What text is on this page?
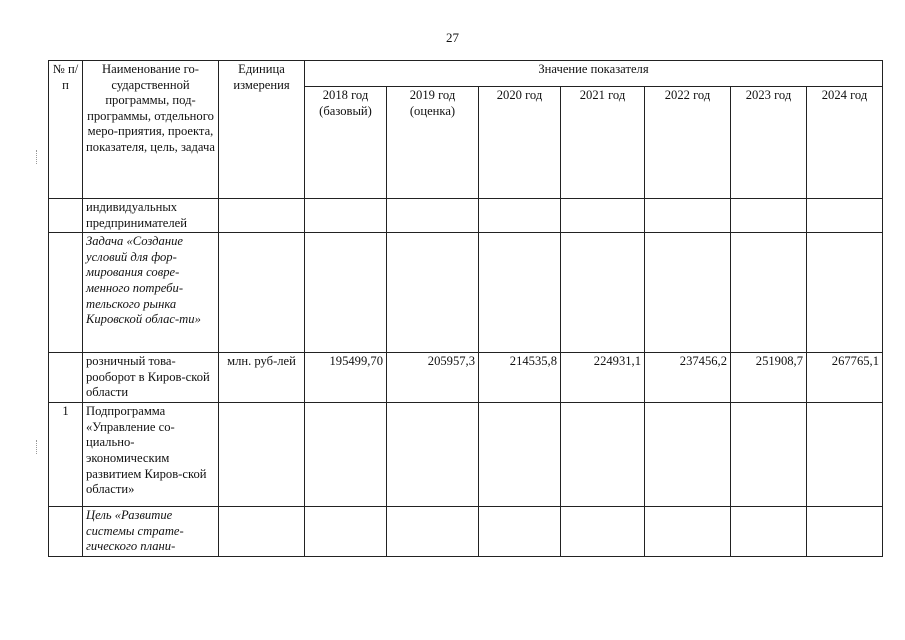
27
№ п/п	Наименование го-сударственной программы, под-программы, отдельного меро-приятия, проекта, показателя, цель, задача	Единица измерения	Значение показателя						
			2018 год (базовый)	2019 год (оценка)	2020 год	2021 год	2022 год	2023 год	2024 год
	индивидуальных предпринимателей								
	Задача «Создание условий для фор-мирования совре-менного потреби-тельского рынка Кировской облас-ти»								
	розничный това-рооборот в Киров-ской области	млн. руб-лей	195499,70	205957,3	214535,8	224931,1	237456,2	251908,7	267765,1
1	Подпрограмма «Управление со-циально-экономическим развитием Киров-ской области»								
	Цель «Развитие системы страте-гического плани-								
